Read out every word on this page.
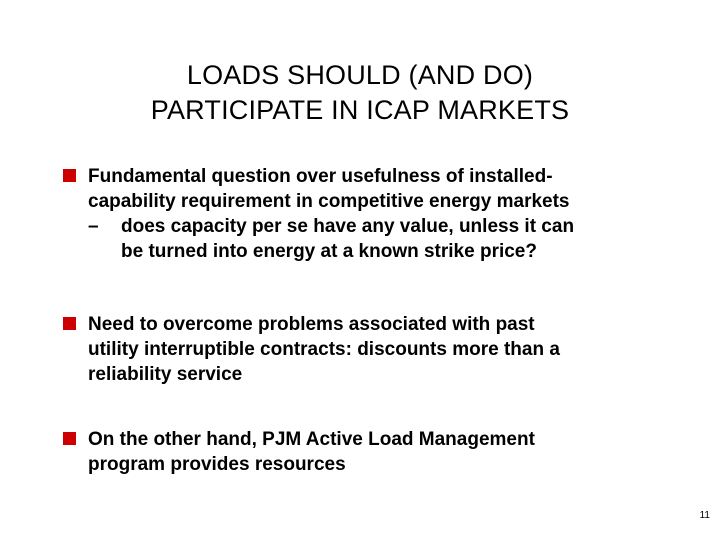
LOADS SHOULD (AND DO)
PARTICIPATE IN ICAP MARKETS
Fundamental question over usefulness of installed-
capability requirement in competitive energy markets
–	does capacity per se have any value, unless it can
be turned into energy at a known strike price?
Need to overcome problems associated with past
utility interruptible contracts: discounts more than a
reliability service
On the other hand, PJM Active Load Management
program provides resources
11
